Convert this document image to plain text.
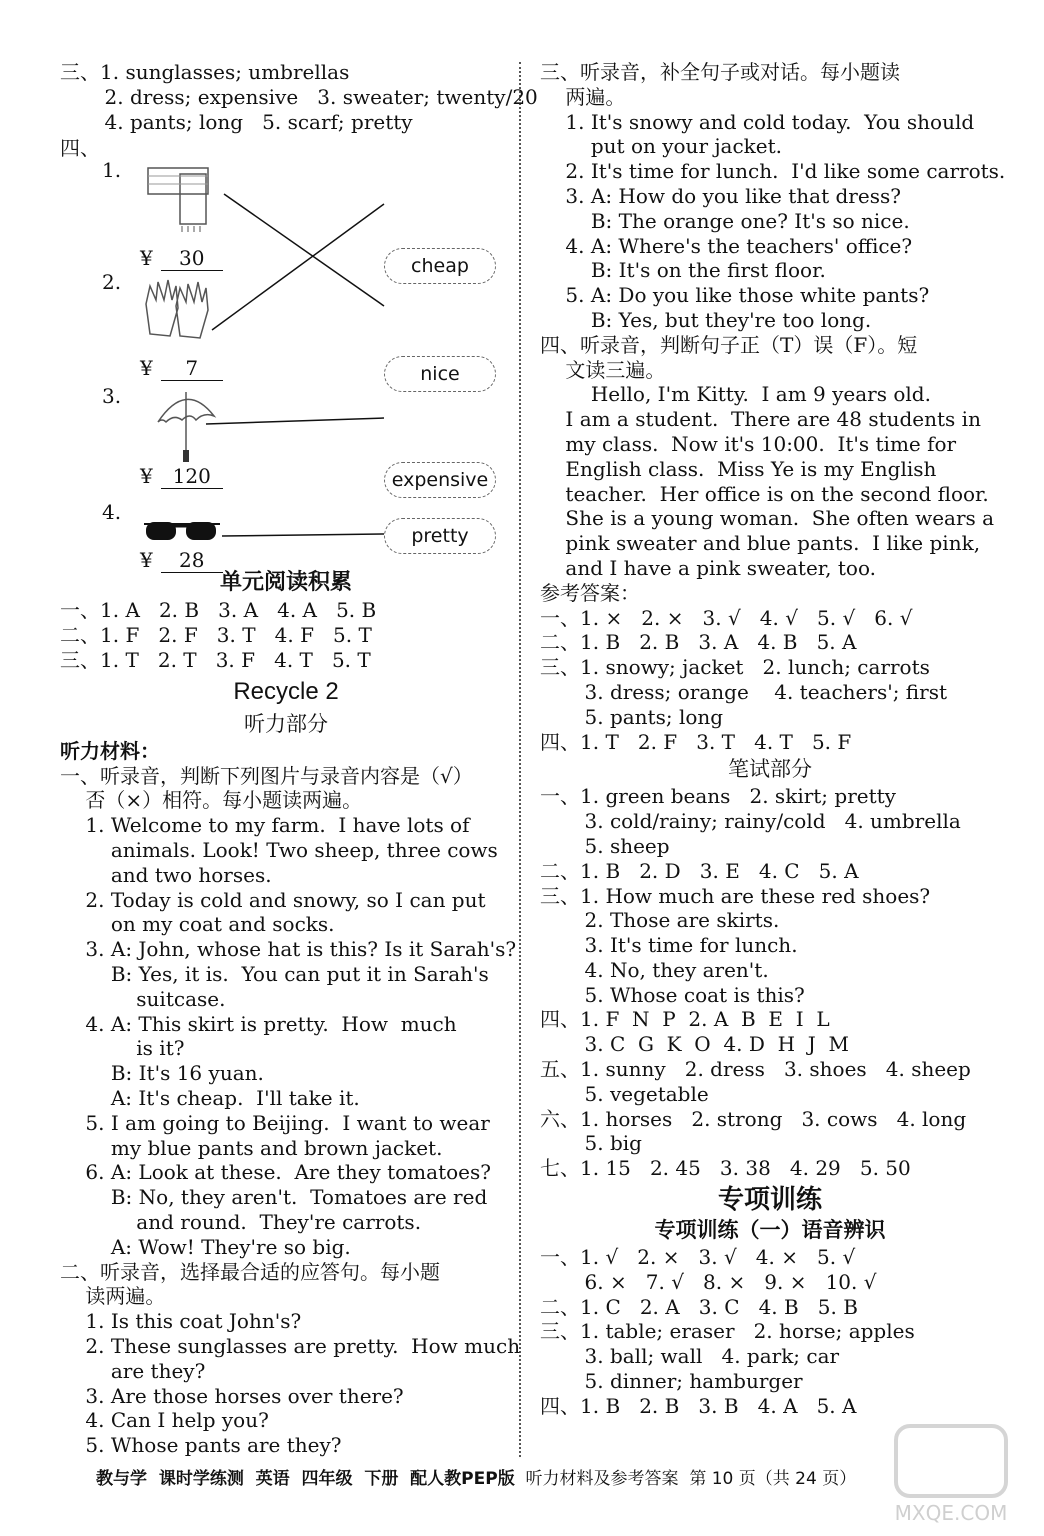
三、1. sunglasses; umbrellas
2. dress; expensive   3. sweater; twenty/20
4. pants; long   5. scarf; pretty
四、
1.
¥ 30	cheap
2.
¥ 7	nice
3.
¥ 120	expensive
4.
¥ 28
pretty
单元阅读积累
一、1. A   2. B   3. A   4. A   5. B
二、1. F   2. F   3. T   4. F   5. T
三、1. T   2. T   3. F   4. T   5. T
Recycle 2
听力部分
听力材料：
一、听录音，判断下列图片与录音内容是（√）
否（×）相符。每小题读两遍。
1. Welcome to my farm.  I have lots of
animals. Look! Two sheep, three cows
and two horses.
2. Today is cold and snowy, so I can put
on my coat and socks.
3. A: John, whose hat is this? Is it Sarah's?
B: Yes, it is.  You can put it in Sarah's
suitcase.
4. A: This skirt is pretty.  How  much
is it?
B: It's 16 yuan.
A: It's cheap.  I'll take it.
5. I am going to Beijing.  I want to wear
my blue pants and brown jacket.
6. A: Look at these.  Are they tomatoes?
B: No, they aren't.  Tomatoes are red
and round.  They're carrots.
A: Wow! They're so big.
二、听录音，选择最合适的应答句。每小题
读两遍。
1. Is this coat John's?
2. These sunglasses are pretty.  How much
are they?
3. Are those horses over there?
4. Can I help you?
5. Whose pants are they?
三、听录音，补全句子或对话。每小题读
两遍。
1. It's snowy and cold today.  You should
put on your jacket.
2. It's time for lunch.  I'd like some carrots.
3. A: How do you like that dress?
B: The orange one? It's so nice.
4. A: Where's the teachers' office?
B: It's on the first floor.
5. A: Do you like those white pants?
B: Yes, but they're too long.
四、听录音，判断句子正（T）误（F）。短
文读三遍。
Hello, I'm Kitty.  I am 9 years old.
I am a student.  There are 48 students in
my class.  Now it's 10:00.  It's time for
English class.  Miss Ye is my English
teacher.  Her office is on the second floor.
She is a young woman.  She often wears a
pink sweater and blue pants.  I like pink,
and I have a pink sweater, too.
参考答案：
一、1. ×   2. ×   3. √   4. √   5. √   6. √
二、1. B   2. B   3. A   4. B   5. A
三、1. snowy; jacket   2. lunch; carrots
3. dress; orange    4. teachers'; first
5. pants; long
四、1. T   2. F   3. T   4. T   5. F
笔试部分
一、1. green beans   2. skirt; pretty
3. cold/rainy; rainy/cold   4. umbrella
5. sheep
二、1. B   2. D   3. E   4. C   5. A
三、1. How much are these red shoes?
2. Those are skirts.
3. It's time for lunch.
4. No, they aren't.
5. Whose coat is this?
四、1. F  N  P  2. A  B  E  I  L
3. C  G  K  O  4. D  H  J  M
五、1. sunny   2. dress   3. shoes   4. sheep
5. vegetable
六、1. horses   2. strong   3. cows   4. long
5. big
七、1. 15   2. 45   3. 38   4. 29   5. 50
专项训练
专项训练（一）语音辨识
一、1. √   2. ×   3. √   4. ×   5. √
6. ×   7. √   8. ×   9. ×   10. √
二、1. C   2. A   3. C   4. B   5. B
三、1. table; eraser   2. horse; apples
3. ball; wall   4. park; car
5. dinner; hamburger
四、1. B   2. B   3. B   4. A   5. A
教与学  课时学练测  英语  四年级  下册  配人教PEP版  听力材料及参考答案  第 10 页（共 24 页）
MXQE.COM
